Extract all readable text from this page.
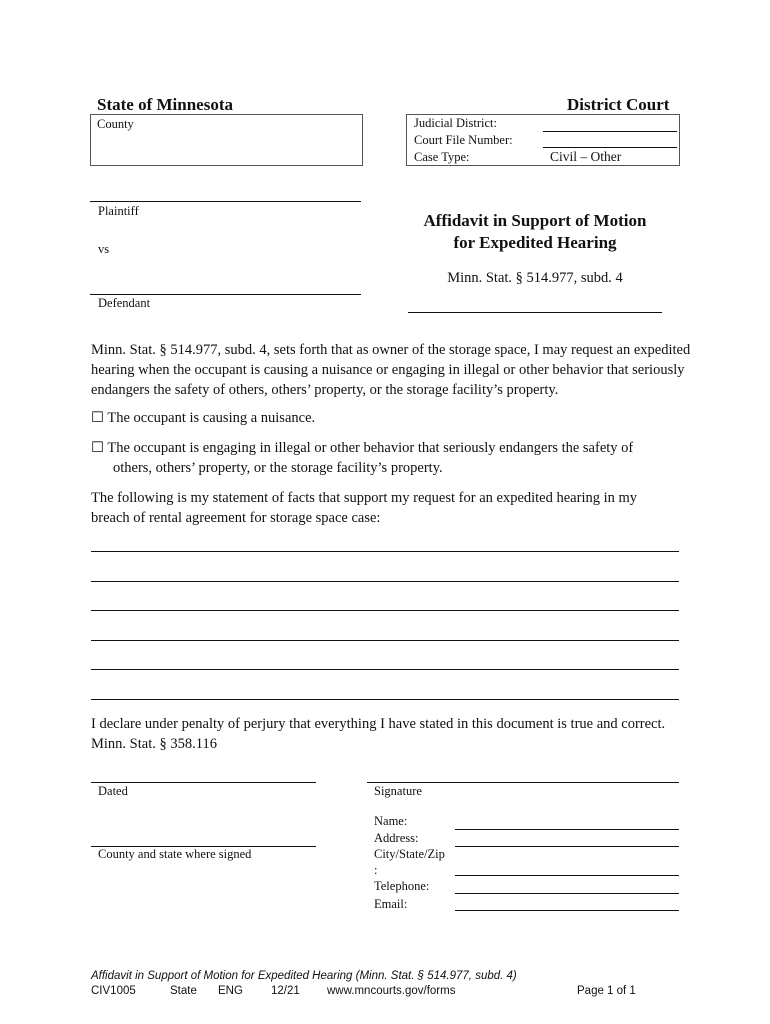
State of Minnesota	District Court
County	Judicial District:
Court File Number:
Case Type:	Civil – Other
Plaintiff
vs
Defendant
Affidavit in Support of Motion
for Expedited Hearing
Minn. Stat. § 514.977, subd. 4
Minn. Stat. § 514.977, subd. 4, sets forth that as owner of the storage space, I may request an expedited hearing when the occupant is causing a nuisance or engaging in illegal or other behavior that seriously endangers the safety of others, others’ property, or the storage facility’s property.
☐ The occupant is causing a nuisance.
☐ The occupant is engaging in illegal or other behavior that seriously endangers the safety of
others, others’ property, or the storage facility’s property.
The following is my statement of facts that support my request for an expedited hearing in my breach of rental agreement for storage space case:
I declare under penalty of perjury that everything I have stated in this document is true and correct.
Minn. Stat. § 358.116
Dated
County and state where signed
Signature
Name:
Address:
City/State/Zip
:
Telephone:
Email:
Affidavit in Support of Motion for Expedited Hearing (Minn. Stat. § 514.977, subd. 4)
CIV1005	State ENG 12/21 www.mncourts.gov/forms	Page 1 of 1
